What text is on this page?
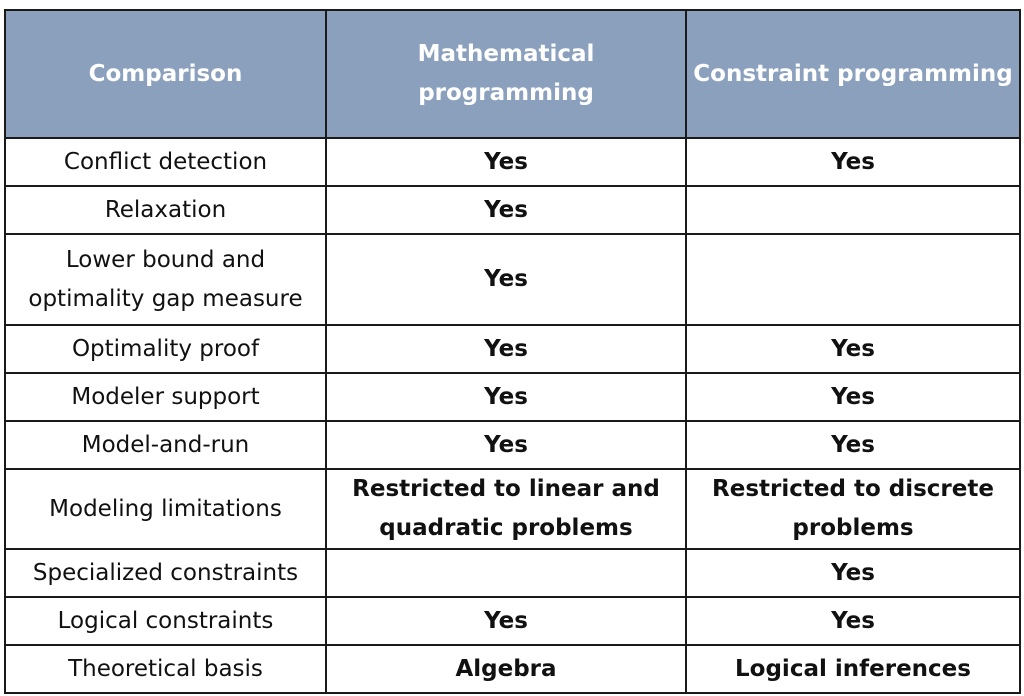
Comparison	Mathematical programming	Constraint programming
Conflict detection	Yes	Yes
Relaxation	Yes	
Lower bound and optimality gap measure	Yes	
Optimality proof	Yes	Yes
Modeler support	Yes	Yes
Model-and-run	Yes	Yes
Modeling limitations	Restricted to linear and quadratic problems	Restricted to discrete problems
Specialized constraints		Yes
Logical constraints	Yes	Yes
Theoretical basis	Algebra	Logical inferences
